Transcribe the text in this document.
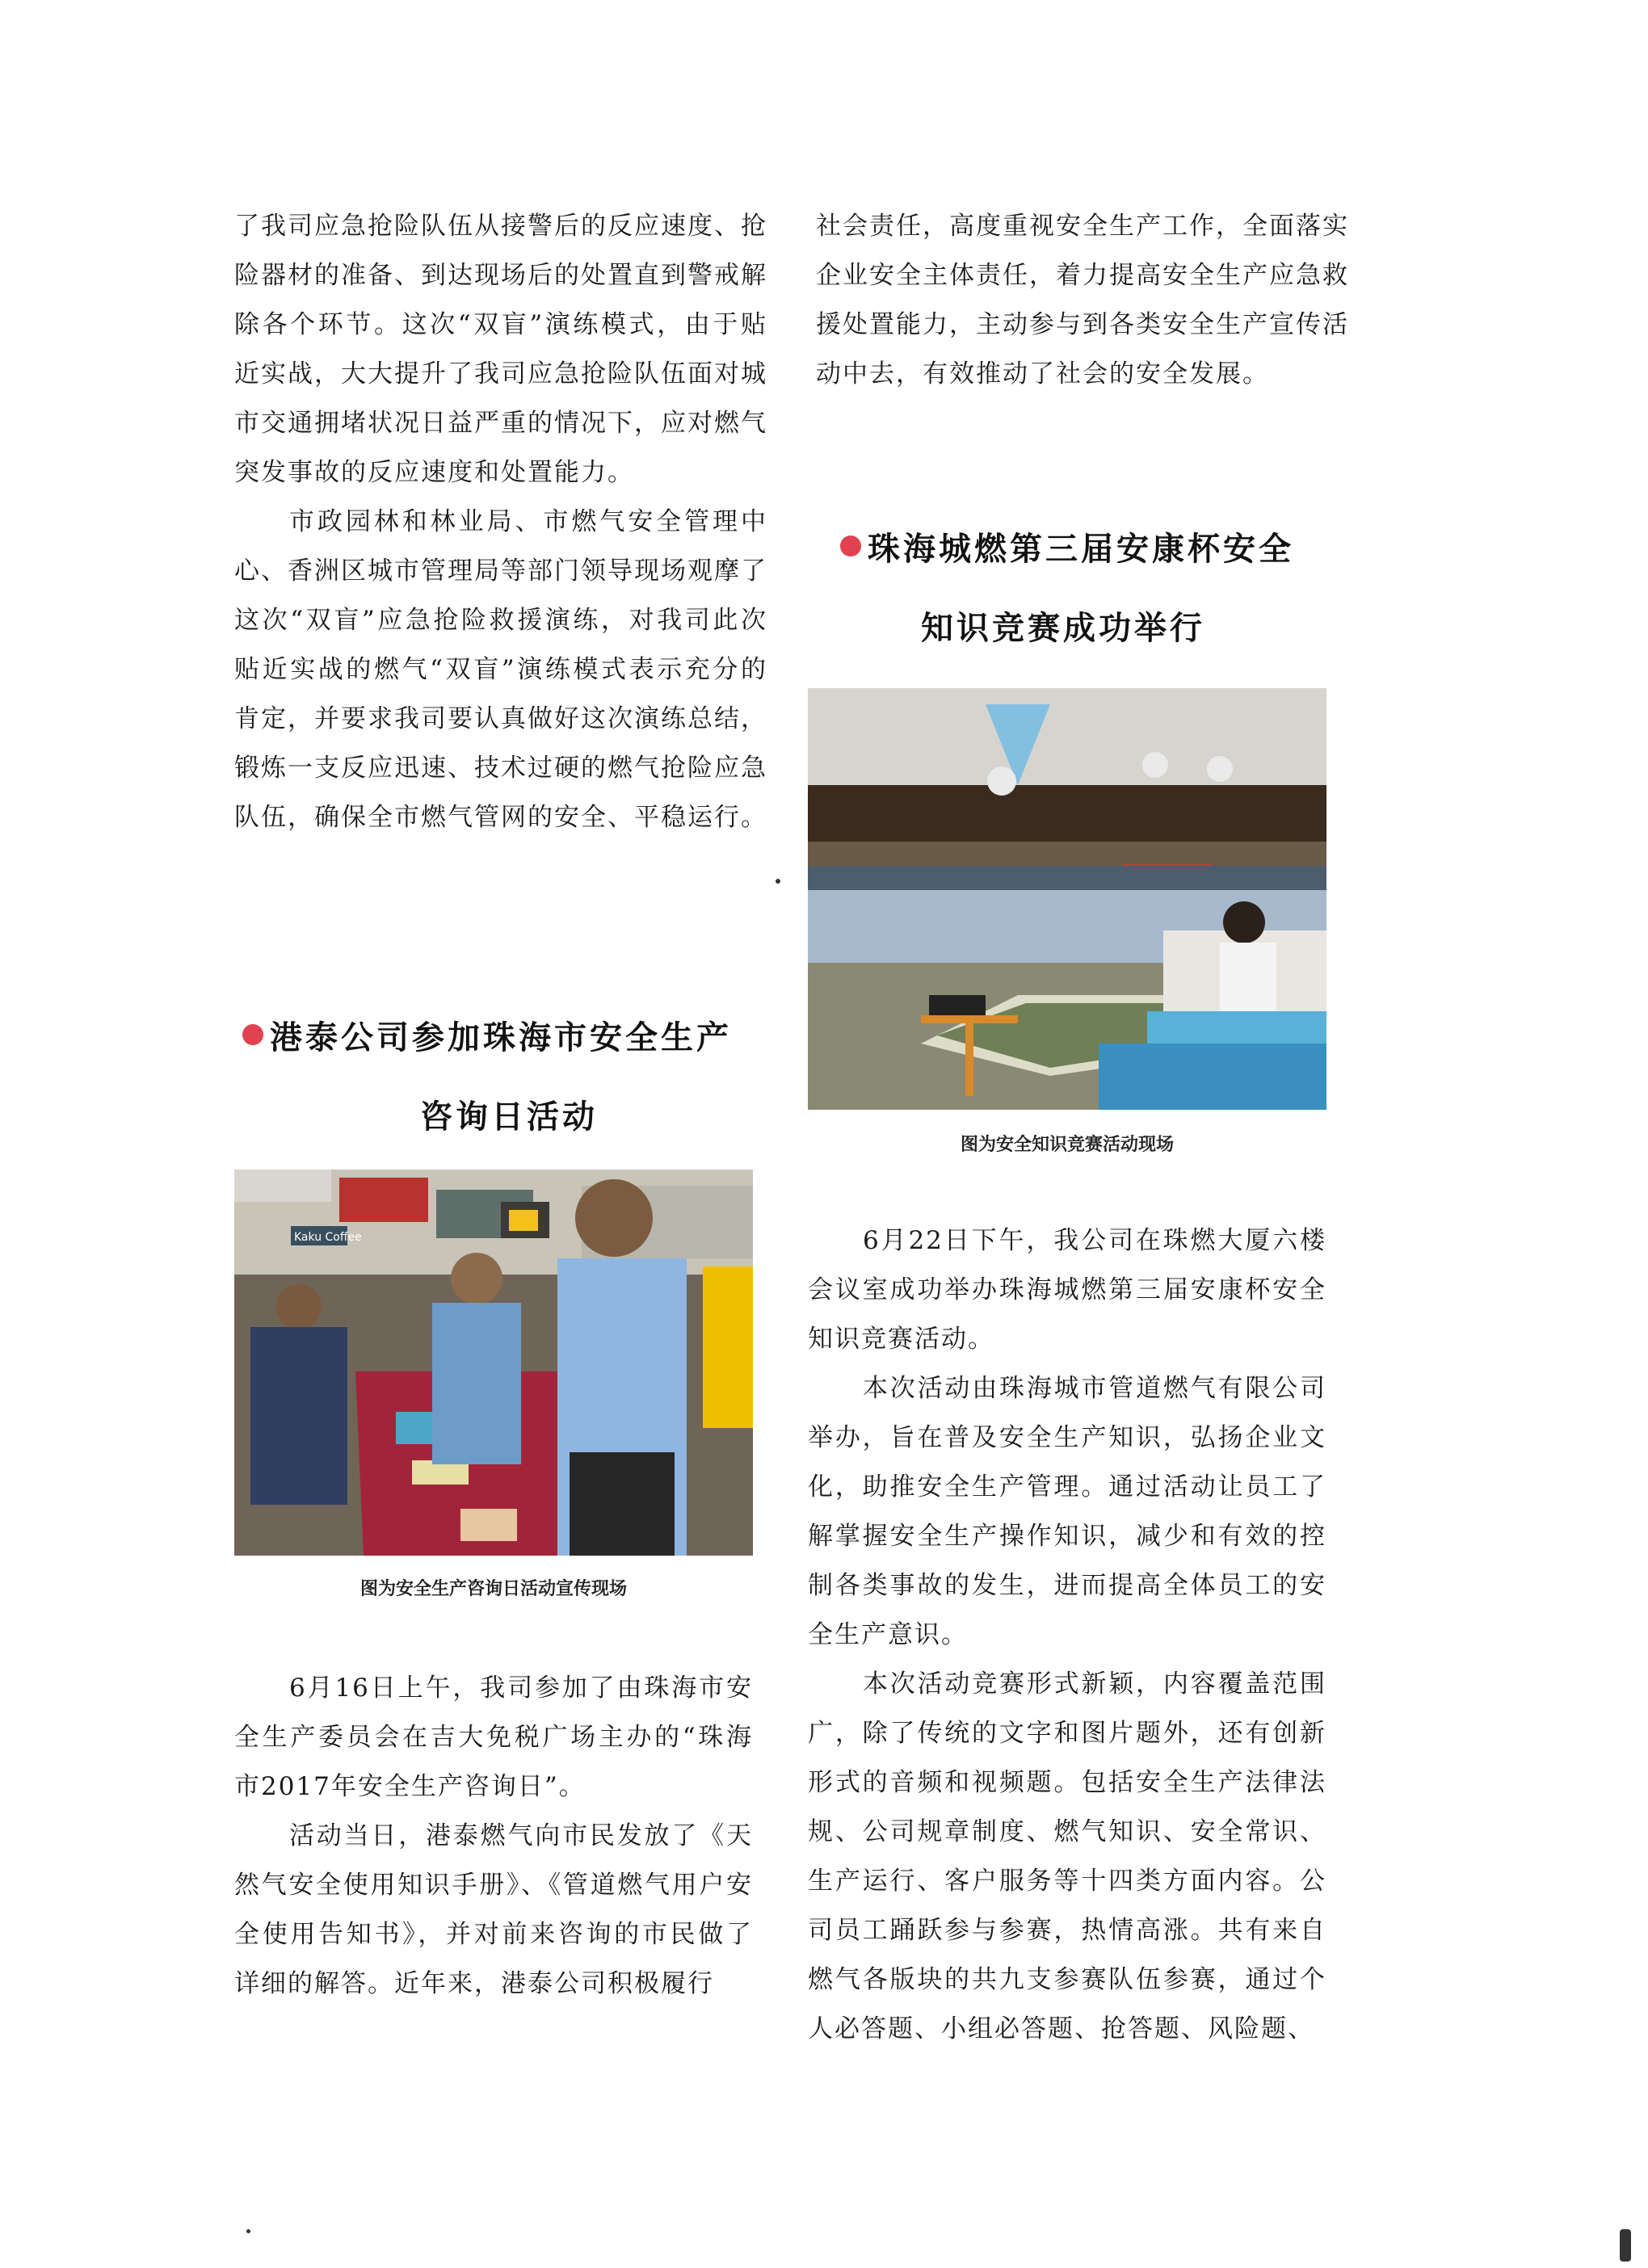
了我司应急抢险队伍从接警后的反应速度、抢险器材的准备、到达现场后的处置直到警戒解除各个环节。这次“双盲”演练模式，由于贴近实战，大大提升了我司应急抢险队伍面对城市交通拥堵状况日益严重的情况下，应对燃气突发事故的反应速度和处置能力。

市政园林和林业局、市燃气安全管理中心、香洲区城市管理局等部门领导现场观摩了这次“双盲”应急抢险救援演练，对我司此次贴近实战的燃气“双盲”演练模式表示充分的肯定，并要求我司要认真做好这次演练总结，锻炼一支反应迅速、技术过硬的燃气抢险应急队伍，确保全市燃气管网的安全、平稳运行。

港泰公司参加珠海市安全生产
咨询日活动
Kaku Coffee
图为安全生产咨询日活动宣传现场

6月16日上午，我司参加了由珠海市安全生产委员会在吉大免税广场主办的“珠海市2017年安全生产咨询日”。

活动当日，港泰燃气向市民发放了《天然气安全使用知识手册》、《管道燃气用户安全使用告知书》，并对前来咨询的市民做了详细的解答。近年来，港泰公司积极履行

社会责任，高度重视安全生产工作，全面落实企业安全主体责任，着力提高安全生产应急救援处置能力，主动参与到各类安全生产宣传活动中去，有效推动了社会的安全发展。

珠海城燃第三届安康杯安全
知识竞赛成功举行
图为安全知识竞赛活动现场

6月22日下午，我公司在珠燃大厦六楼会议室成功举办珠海城燃第三届安康杯安全知识竞赛活动。

本次活动由珠海城市管道燃气有限公司举办，旨在普及安全生产知识，弘扬企业文化，助推安全生产管理。通过活动让员工了解掌握安全生产操作知识，减少和有效的控制各类事故的发生，进而提高全体员工的安全生产意识。

本次活动竞赛形式新颖，内容覆盖范围广，除了传统的文字和图片题外，还有创新形式的音频和视频题。包括安全生产法律法规、公司规章制度、燃气知识、安全常识、生产运行、客户服务等十四类方面内容。公司员工踊跃参与参赛，热情高涨。共有来自燃气各版块的共九支参赛队伍参赛，通过个人必答题、小组必答题、抢答题、风险题、
